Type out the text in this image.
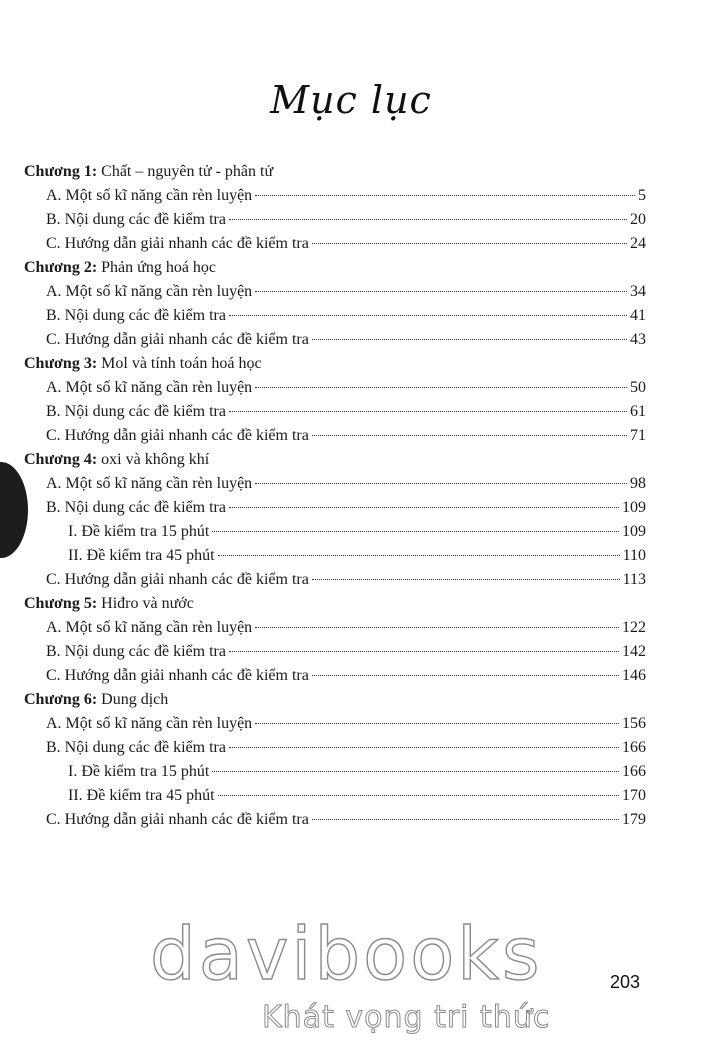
Mục lục
Chương 1:
Chất – nguyên tử - phân tử
A. Một số kĩ năng cần rèn luyện	5
B. Nội dung các đề kiểm tra	20
C. Hướng dẫn giải nhanh các đề kiểm tra	24
Chương 2:
Phản ứng hoá học
A. Một số kĩ năng cần rèn luyện	34
B. Nội dung các đề kiểm tra	41
C. Hướng dẫn giải nhanh các đề kiểm tra	43
Chương 3:
Mol và tính toán hoá học
A. Một số kĩ năng cần rèn luyện	50
B. Nội dung các đề kiểm tra	61
C. Hướng dẫn giải nhanh các đề kiểm tra	71
Chương 4:
oxi và không khí
A. Một số kĩ năng cần rèn luyện	98
B. Nội dung các đề kiểm tra	109
I. Đề kiểm tra 15 phút	109
II. Đề kiểm tra 45 phút	110
C. Hướng dẫn giải nhanh các đề kiểm tra	113
Chương 5:
Hiđro và nước
A. Một số kĩ năng cần rèn luyện	122
B. Nội dung các đề kiểm tra	142
C. Hướng dẫn giải nhanh các đề kiểm tra	146
Chương 6:
Dung dịch
A. Một số kĩ năng cần rèn luyện	156
B. Nội dung các đề kiểm tra	166
I. Đề kiểm tra 15 phút	166
II. Đề kiểm tra 45 phút	170
C. Hướng dẫn giải nhanh các đề kiểm tra	179
davibooks
Khát vọng tri thức
203
